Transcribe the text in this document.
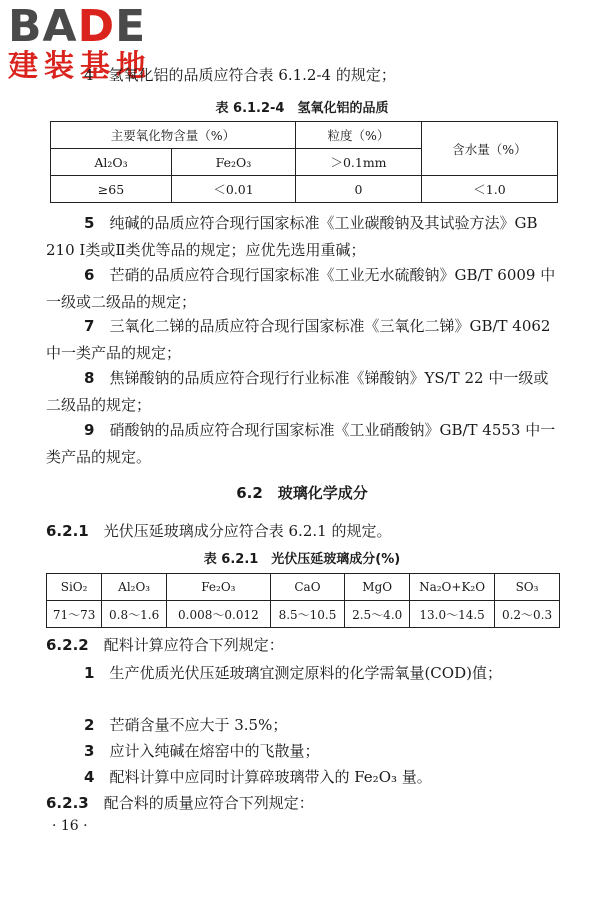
BADE
建装基地

4　氢氧化铝的品质应符合表 6.1.2-4 的规定；

表 6.1.2-4　氢氧化铝的品质
主要氧化物含量（%）		粒度（%）	含水量（%）
Al₂O₃	Fe₂O₃	＞0.1mm	
≥65	＜0.01	0	＜1.0

5　 纯碱的品质应符合现行国家标准《工业碳酸钠及其试验方法》GB 210 Ⅰ类或Ⅱ类优等品的规定；应优先选用重碱；

6　 芒硝的品质应符合现行国家标准《工业无水硫酸钠》GB/T 6009 中一级或二级品的规定；

7　 三氧化二锑的品质应符合现行国家标准《三氧化二锑》GB/T 4062 中一类产品的规定；

8　 焦锑酸钠的品质应符合现行行业标准《锑酸钠》YS/T 22 中一级或二级品的规定；

9　 硝酸钠的品质应符合现行国家标准《工业硝酸钠》GB/T 4553 中一类产品的规定。

6.2　 玻璃化学成分

6.2.1　 光伏压延玻璃成分应符合表 6.2.1 的规定。

表 6.2.1　光伏压延玻璃成分(%)
SiO₂	Al₂O₃	Fe₂O₃	CaO	MgO	Na₂O+K₂O	SO₃
71～73	0.8～1.6	0.008～0.012	8.5～10.5	2.5～4.0	13.0～14.5	0.2～0.3

6.2.2　 配料计算应符合下列规定：

1　 生产优质光伏压延玻璃宜测定原料的化学需氧量(COD)值；

2　 芒硝含量不应大于 3.5%；

3　 应计入纯碱在熔窑中的飞散量；

4　 配料计算中应同时计算碎玻璃带入的 Fe₂O₃ 量。

6.2.3　 配合料的质量应符合下列规定：

· 16 ·
